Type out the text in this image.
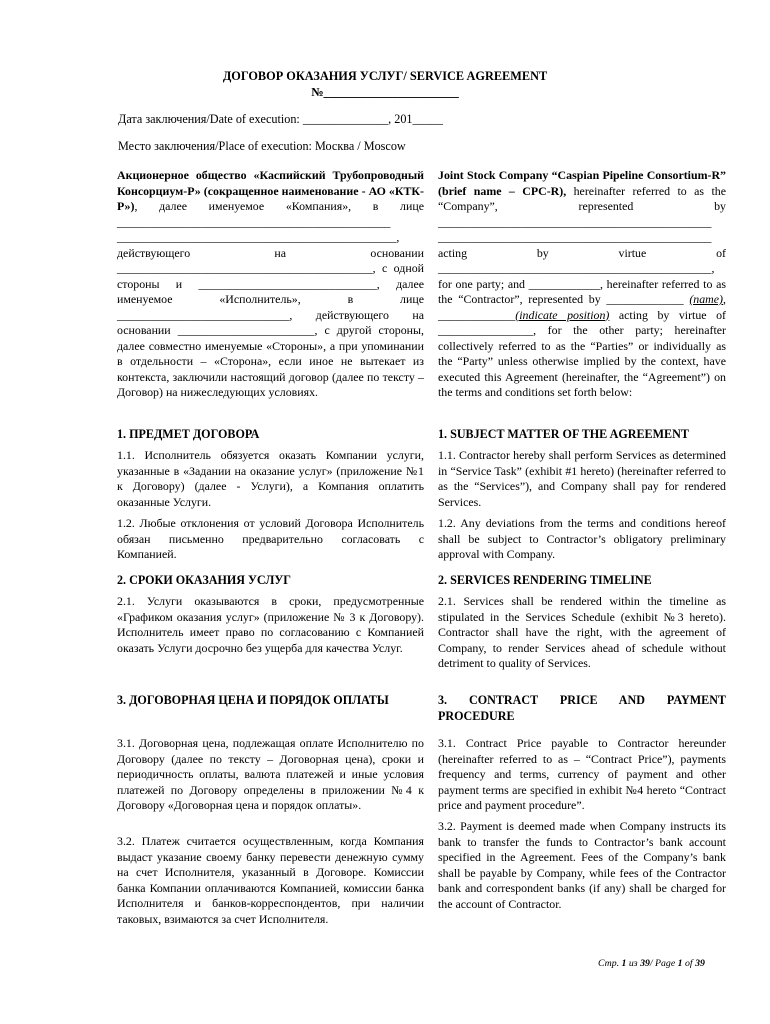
ДОГОВОР ОКАЗАНИЯ УСЛУГ/ SERVICE AGREEMENT
№______________________
Дата заключения/Date of execution: ______________, 201_____
Место заключения/Place of execution: Москва / Moscow
Акционерное общество «Каспийский Трубопроводный Консорциум-Р» (сокращенное наименование - АО «КТК-Р»), далее именуемое «Компания», в лице ______________________________________________ _______________________________________________, действующего на основании ___________________________________________, с одной стороны и ______________________________, далее именуемое «Исполнитель», в лице _____________________________, действующего на основании _______________________, с другой стороны, далее совместно именуемые «Стороны», а при упоминании в отдельности – «Сторона», если иное не вытекает из контекста, заключили настоящий договор (далее по тексту – Договор) на нижеследующих условиях.
Joint Stock Company “Caspian Pipeline Consortium-R” (brief name – CPC-R), hereinafter referred to as the “Company”, represented by ______________________________________________ ______________________________________________ acting by virtue of ______________________________________________, for one party; and ____________, hereinafter referred to as the “Contractor”, represented by _____________ (name), _____________(indicate position) acting by virtue of ________________, for the other party; hereinafter collectively referred to as the “Parties” or individually as the “Party” unless otherwise implied by the context, have executed this Agreement (hereinafter, the “Agreement”) on the terms and conditions set forth below:
1. ПРЕДМЕТ ДОГОВОРА	1. SUBJECT MATTER OF THE AGREEMENT
1.1. Исполнитель обязуется оказать Компании услуги, указанные в «Задании на оказание услуг» (приложение №1 к Договору) (далее - Услуги), а Компания оплатить оказанные Услуги.
1.1. Contractor hereby shall perform Services as determined in “Service Task” (exhibit #1 hereto) (hereinafter referred to as the “Services”), and Company shall pay for rendered Services.
1.2. Любые отклонения от условий Договора Исполнитель обязан письменно предварительно согласовать с Компанией.
1.2. Any deviations from the terms and conditions hereof shall be subject to Contractor’s obligatory preliminary approval with Company.
2. СРОКИ ОКАЗАНИЯ УСЛУГ	2. SERVICES RENDERING TIMELINE
2.1. Услуги оказываются в сроки, предусмотренные «Графиком оказания услуг» (приложение № 3 к Договору). Исполнитель имеет право по согласованию с Компанией оказать Услуги досрочно без ущерба для качества Услуг.
2.1. Services shall be rendered within the timeline as stipulated in the Services Schedule (exhibit №3 hereto). Contractor shall have the right, with the agreement of Company, to render Services ahead of schedule without detriment to quality of Services.
3. ДОГОВОРНАЯ ЦЕНА И ПОРЯДОК ОПЛАТЫ	3. CONTRACT PRICE AND PAYMENT PROCEDURE
3.1. Договорная цена, подлежащая оплате Исполнителю по Договору (далее по тексту – Договорная цена), сроки и периодичность оплаты, валюта платежей и иные условия платежей по Договору определены в приложении №4 к Договору «Договорная цена и порядок оплаты».
3.1. Contract Price payable to Contractor hereunder (hereinafter referred to as – “Contract Price”), payments frequency and terms, currency of payment and other payment terms are specified in exhibit №4 hereto “Contract price and payment procedure”.
3.2. Платеж считается осуществленным, когда Компания выдаст указание своему банку перевести денежную сумму на счет Исполнителя, указанный в Договоре. Комиссии банка Компании оплачиваются Компанией, комиссии банка Исполнителя и банков-корреспондентов, при наличии таковых, взимаются за счет Исполнителя.
3.2. Payment is deemed made when Company instructs its bank to transfer the funds to Contractor’s bank account specified in the Agreement. Fees of the Company’s bank shall be payable by Company, while fees of the Contractor bank and correspondent banks (if any) shall be charged for the account of Contractor.
Стр. 1 из 39/ Page 1 of 39
